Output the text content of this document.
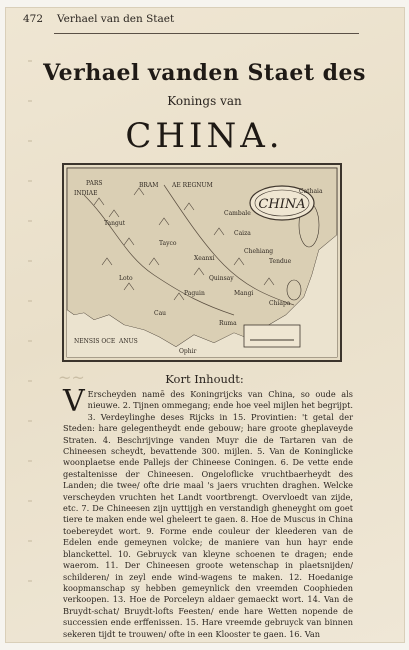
472 Verhael van den Staet
Verhael vanden Staet des
Konings van
CHINA.
CHINA
PARS
INDIAE
BRAM AE REGNUM
Cambale
Chehiang
Caiza
Tendue
Paguin
Quinsay
Tayco
Chiapa
Xeanxi
Cathaia
Loto
Tangut
NENSIS OCE ANUS
Ophir
Ruma
Cau
Mangi
~~	Kort Inhoudt:
V Erscheyden namē des Koningrijcks van China, so oude als nieuwe. 2. Tijnen ommegang; ende hoe veel mijlen het begrijpt. 3. Verdeylinghe deses Rijcks in 15. Provintien: 't getal der Steden: hare gelegentheydt ende gebouw; hare groote gheplaveyde Straten. 4. Beschrijvinge vanden Muyr die de Tartaren van de Chineesen scheydt, bevattende 300. mijlen. 5. Van de Koninglicke woonplaetse ende Pallejs der Chineese Coningen. 6. De vette ende gestaltenisse der Chineesen. Ongeloflicke vruchtbaerheydt des Landen; die twee/ ofte drie maal 's jaers vruchten draghen. Welcke verscheyden vruchten het Landt voortbrengt. Overvloedt van zijde, etc. 7. De Chineesen zijn uyttijgh en verstandigh gheneyght om goet tiere te maken ende wel gheleert te gaen. 8. Hoe de Muscus in China toebereydet wort. 9. Forme ende couleur der kleederen van de Edelen ende gemeynen volcke; de maniere van hun hayr ende blanckettel. 10. Gebruyck van kleyne schoenen te dragen; ende waerom. 11. Der Chineesen groote wetenschap in plaetsnijden/ schilderen/ in zeyl ende wind-wagens te maken. 12. Hoedanige koopmanschap sy hebben gemeynlick den vreemden Coophieden verkoopen. 13. Hoe de Porceleyn aldaer gemaeckt wort. 14. Van de Bruydt-schat/ Bruydt-lofts Feesten/ ende hare Wetten nopende de successien ende erffenissen. 15. Hare vreemde gebruyck van binnen sekeren tijdt te trouwen/ ofte in een Klooster te gaen. 16. Van
